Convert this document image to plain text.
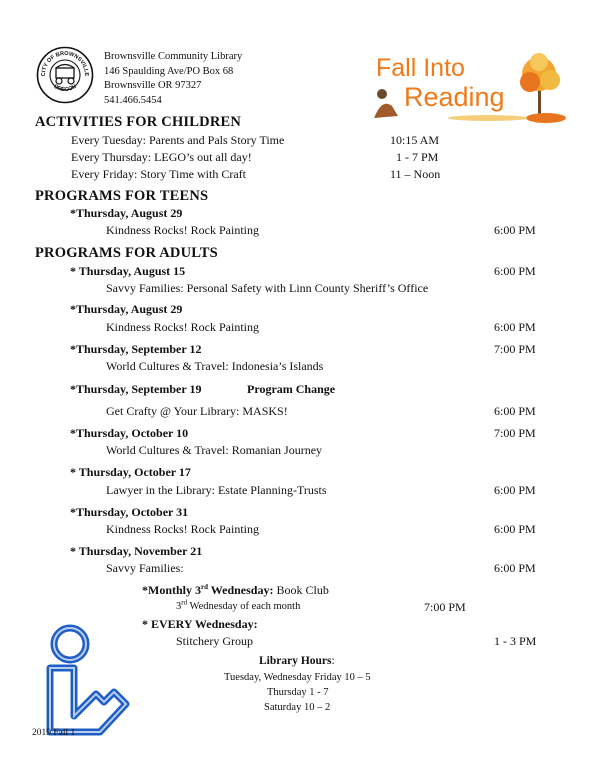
CITY OF BROWNSVILLE
OREGON
Brownsville Community Library
146 Spaulding Ave/PO Box 68
Brownsville OR 97327
541.466.5454
Fall Into
Reading
ACTIVITIES FOR CHILDREN
Every Tuesday: Parents and Pals Story Time	10:15 AM
Every Thursday: LEGO’s out all day!	1 - 7 PM
Every Friday: Story Time with Craft	11 – Noon
PROGRAMS FOR TEENS
*Thursday, August 29
Kindness Rocks! Rock Painting	6:00 PM
PROGRAMS FOR ADULTS
* Thursday, August 15	6:00 PM
Savvy Families: Personal Safety with Linn County Sheriff’s Office
*Thursday, August 29
Kindness Rocks! Rock Painting	6:00 PM
*Thursday, September 12	7:00 PM
World Cultures & Travel: Indonesia’s Islands
*Thursday, September 19	Program Change
Get Crafty @ Your Library: MASKS!	6:00 PM
*Thursday, October 10	7:00 PM
World Cultures & Travel: Romanian Journey
* Thursday, October 17
Lawyer in the Library: Estate Planning-Trusts	6:00 PM
*Thursday, October 31
Kindness Rocks! Rock Painting	6:00 PM
* Thursday, November 21
Savvy Families:	6:00 PM
*Monthly 3rd Wednesday: Book Club
3rd Wednesday of each month	7:00 PM
* EVERY Wednesday:
Stitchery Group	1 - 3 PM
Library Hours:
Tuesday, Wednesday Friday 10 – 5
Thursday 1 - 7
Saturday 10 – 2
2019 Fall 1
